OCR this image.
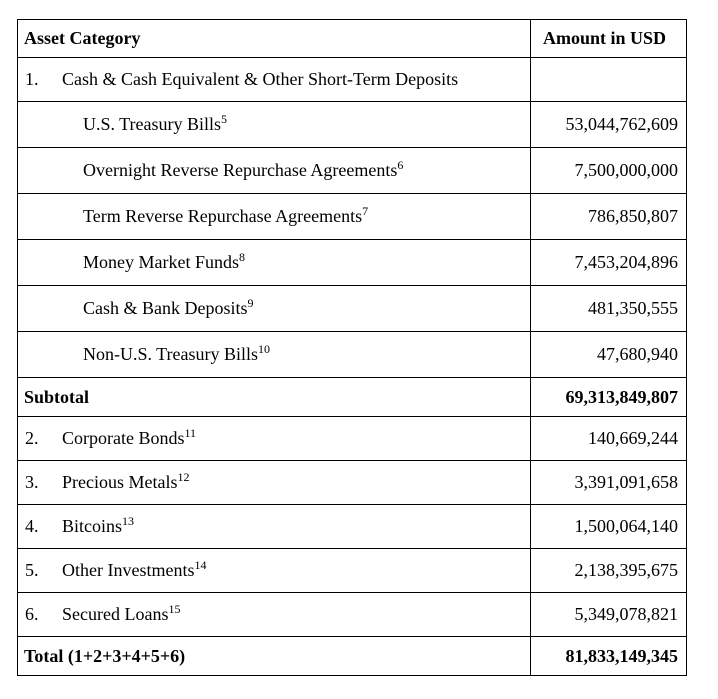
Asset Category	Amount in USD
1. Cash & Cash Equivalent & Other Short-Term Deposits	
U.S. Treasury Bills$^5$	53,044,762,609
Overnight Reverse Repurchase Agreements$^6$	7,500,000,000
Term Reverse Repurchase Agreements$^7$	786,850,807
Money Market Funds$^8$	7,453,204,896
Cash & Bank Deposits$^9$	481,350,555
Non-U.S. Treasury Bills$^{10}$	47,680,940
Subtotal	69,313,849,807
2. Corporate Bonds$^{11}$	140,669,244
3. Precious Metals$^{12}$	3,391,091,658
4. Bitcoins$^{13}$	1,500,064,140
5. Other Investments$^{14}$	2,138,395,675
6. Secured Loans$^{15}$	5,349,078,821
Total (1+2+3+4+5+6)	81,833,149,345
